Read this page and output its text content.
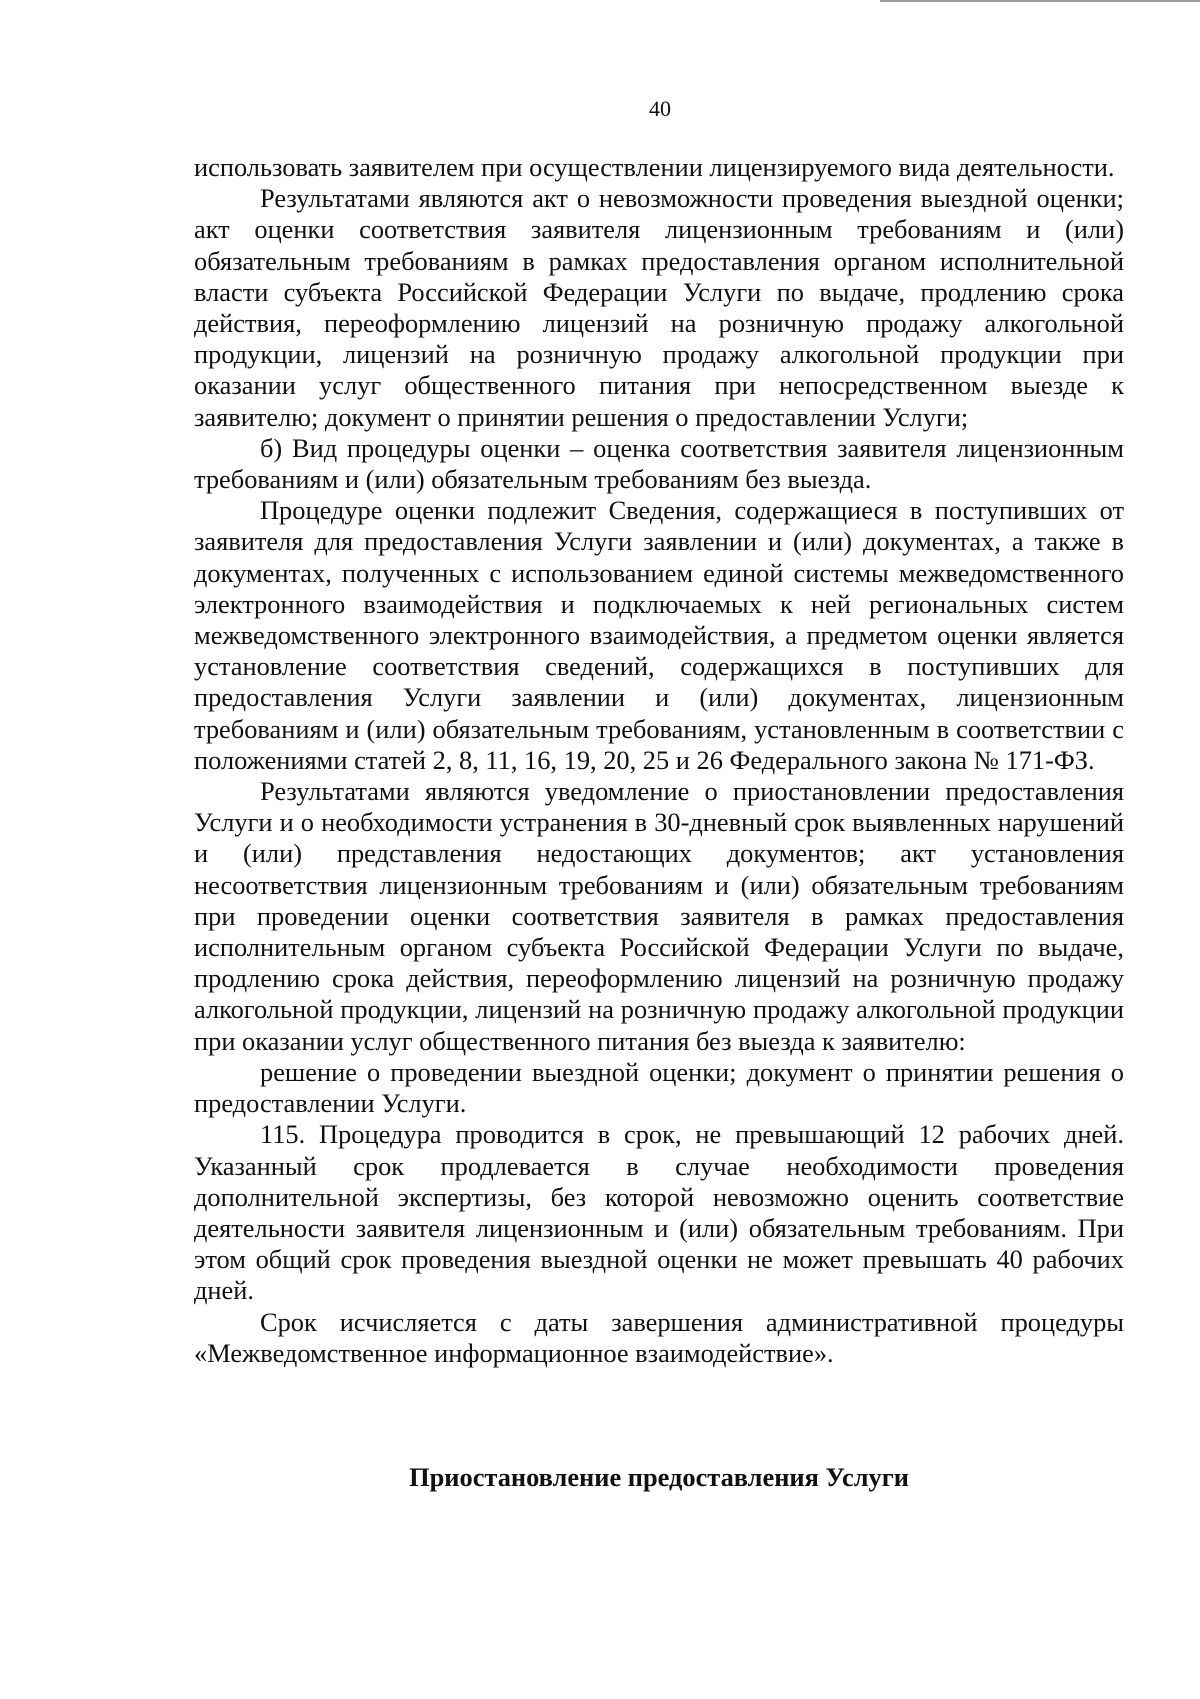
40

использовать заявителем при осуществлении лицензируемого вида деятельности.

Результатами являются акт о невозможности проведения выездной оценки; акт оценки соответствия заявителя лицензионным требованиям и (или) обязательным требованиям в рамках предоставления органом исполнительной власти субъекта Российской Федерации Услуги по выдаче, продлению срока действия, переоформлению лицензий на розничную продажу алкогольной продукции, лицензий на розничную продажу алкогольной продукции при оказании услуг общественного питания при непосредственном выезде к заявителю; документ о принятии решения о предоставлении Услуги;

б) Вид процедуры оценки – оценка соответствия заявителя лицензионным требованиям и (или) обязательным требованиям без выезда.

Процедуре оценки подлежит Сведения, содержащиеся в поступивших от заявителя для предоставления Услуги заявлении и (или) документах, а также в документах, полученных с использованием единой системы межведомственного электронного взаимодействия и подключаемых к ней региональных систем межведомственного электронного взаимодействия, а предметом оценки является установление соответствия сведений, содержащихся в поступивших для предоставления Услуги заявлении и (или) документах, лицензионным требованиям и (или) обязательным требованиям, установленным в соответствии с положениями статей 2, 8, 11, 16, 19, 20, 25 и 26 Федерального закона № 171-ФЗ.

Результатами являются уведомление о приостановлении предоставления Услуги и о необходимости устранения в 30-дневный срок выявленных нарушений и (или) представления недостающих документов; акт установления несоответствия лицензионным требованиям и (или) обязательным требованиям при проведении оценки соответствия заявителя в рамках предоставления исполнительным органом субъекта Российской Федерации Услуги по выдаче, продлению срока действия, переоформлению лицензий на розничную продажу алкогольной продукции, лицензий на розничную продажу алкогольной продукции при оказании услуг общественного питания без выезда к заявителю:

решение о проведении выездной оценки; документ о принятии решения о предоставлении Услуги.

115. Процедура проводится в срок, не превышающий 12 рабочих дней. Указанный срок продлевается в случае необходимости проведения дополнительной экспертизы, без которой невозможно оценить соответствие деятельности заявителя лицензионным и (или) обязательным требованиям. При этом общий срок проведения выездной оценки не может превышать 40 рабочих дней.

Срок исчисляется с даты завершения административной процедуры «Межведомственное информационное взаимодействие».

Приостановление предоставления Услуги
